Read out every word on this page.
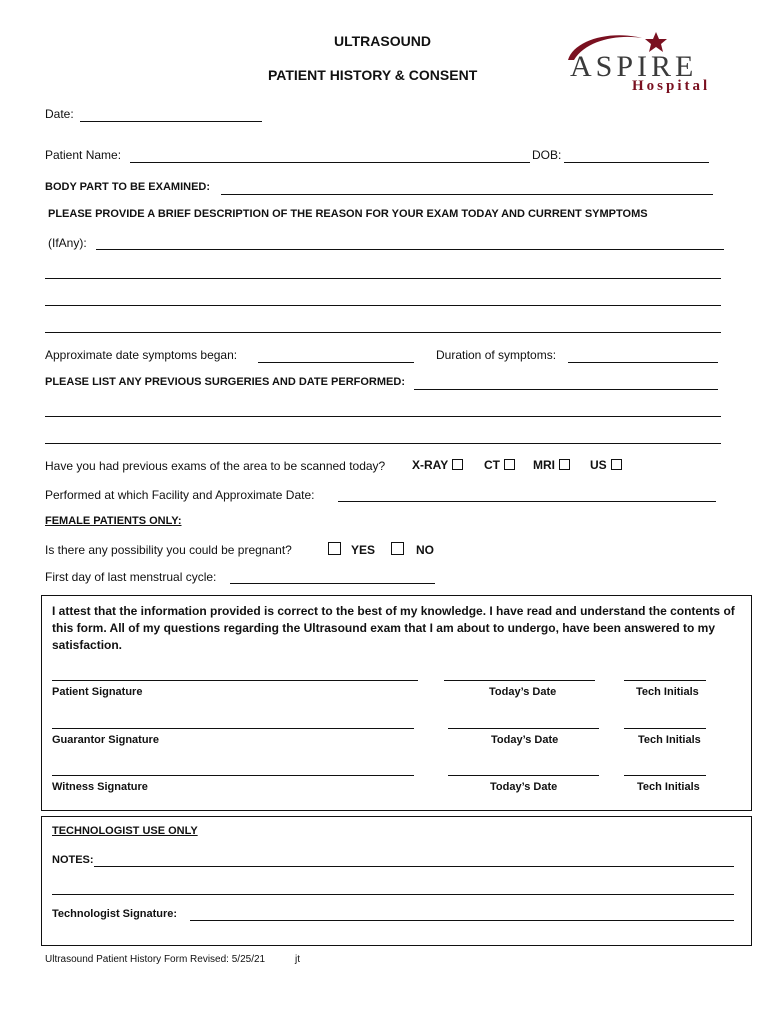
ULTRASOUND
PATIENT HISTORY & CONSENT	ASPIRE
Hospital
Date:
Patient Name:	DOB:
BODY PART TO BE EXAMINED:
PLEASE PROVIDE A BRIEF DESCRIPTION OF THE REASON FOR YOUR EXAM TODAY AND CURRENT SYMPTOMS
(IfAny):
Approximate date symptoms began:	Duration of symptoms:
PLEASE LIST ANY PREVIOUS SURGERIES AND DATE PERFORMED:
Have you had previous exams of the area to be scanned today? X-RAY	CT	MRI	US
Performed at which Facility and Approximate Date:
FEMALE PATIENTS ONLY:
Is there any possibility you could be pregnant?	YES	NO
First day of last menstrual cycle:
I attest that the information provided is correct to the best of my knowledge. I have read and understand the contents of this form. All of my questions regarding the Ultrasound exam that I am about to undergo, have been answered to my satisfaction.
Patient Signature	Today’s Date	Tech Initials
Guarantor Signature	Today’s Date	Tech Initials
Witness Signature	Today’s Date	Tech Initials
TECHNOLOGIST USE ONLY
NOTES:
Technologist Signature:
Ultrasound Patient History Form Revised: 5/25/21	jt
